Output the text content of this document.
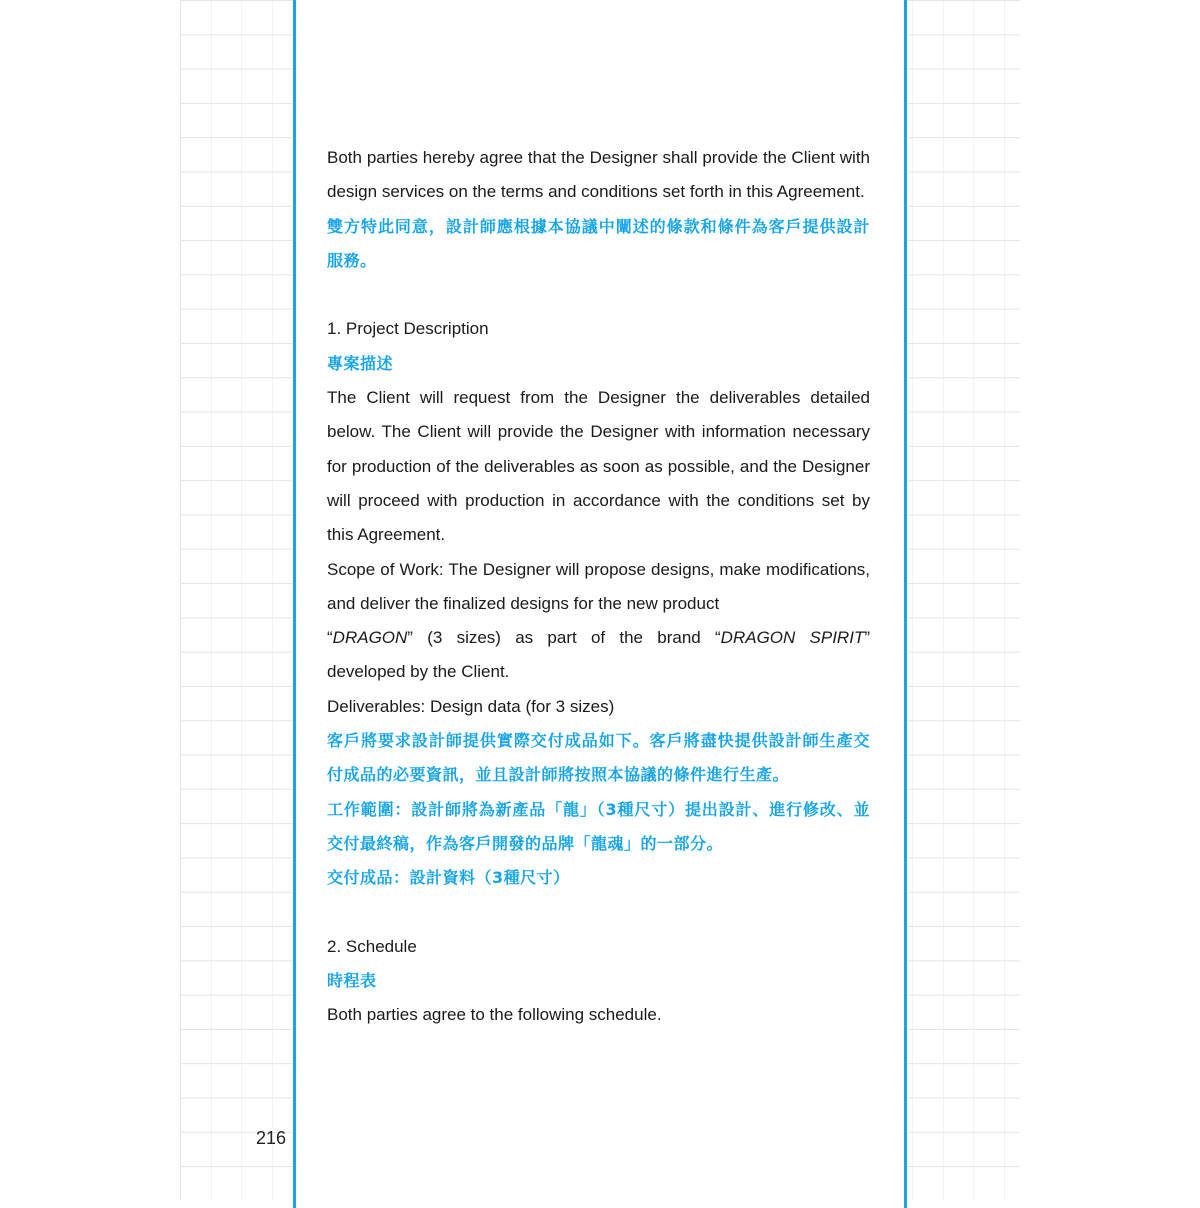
216

Both parties hereby agree that the Designer shall provide the Client with design services on the terms and conditions set forth in this Agreement.

雙方特此同意，設計師應根據本協議中闡述的條款和條件為客戶提供設計服務。

1. Project Description

專案描述

The Client will request from the Designer the deliverables detailed below. The Client will provide the Designer with information necessary for production of the deliverables as soon as possible, and the Designer will proceed with production in accordance with the conditions set by this Agreement.

Scope of Work: The Designer will propose designs, make modifications, and deliver the finalized designs for the new product

“DRAGON” (3 sizes) as part of the brand “DRAGON SPIRIT”

developed by the Client.

Deliverables: Design data (for 3 sizes)

客戶將要求設計師提供實際交付成品如下。客戶將盡快提供設計師生產交付成品的必要資訊，並且設計師將按照本協議的條件進行生產。

工作範圍：設計師將為新產品「龍」（3種尺寸）提出設計、進行修改、並交付最終稿，作為客戶開發的品牌「龍魂」的一部分。

交付成品：設計資料（3種尺寸）

2. Schedule

時程表

Both parties agree to the following schedule.
